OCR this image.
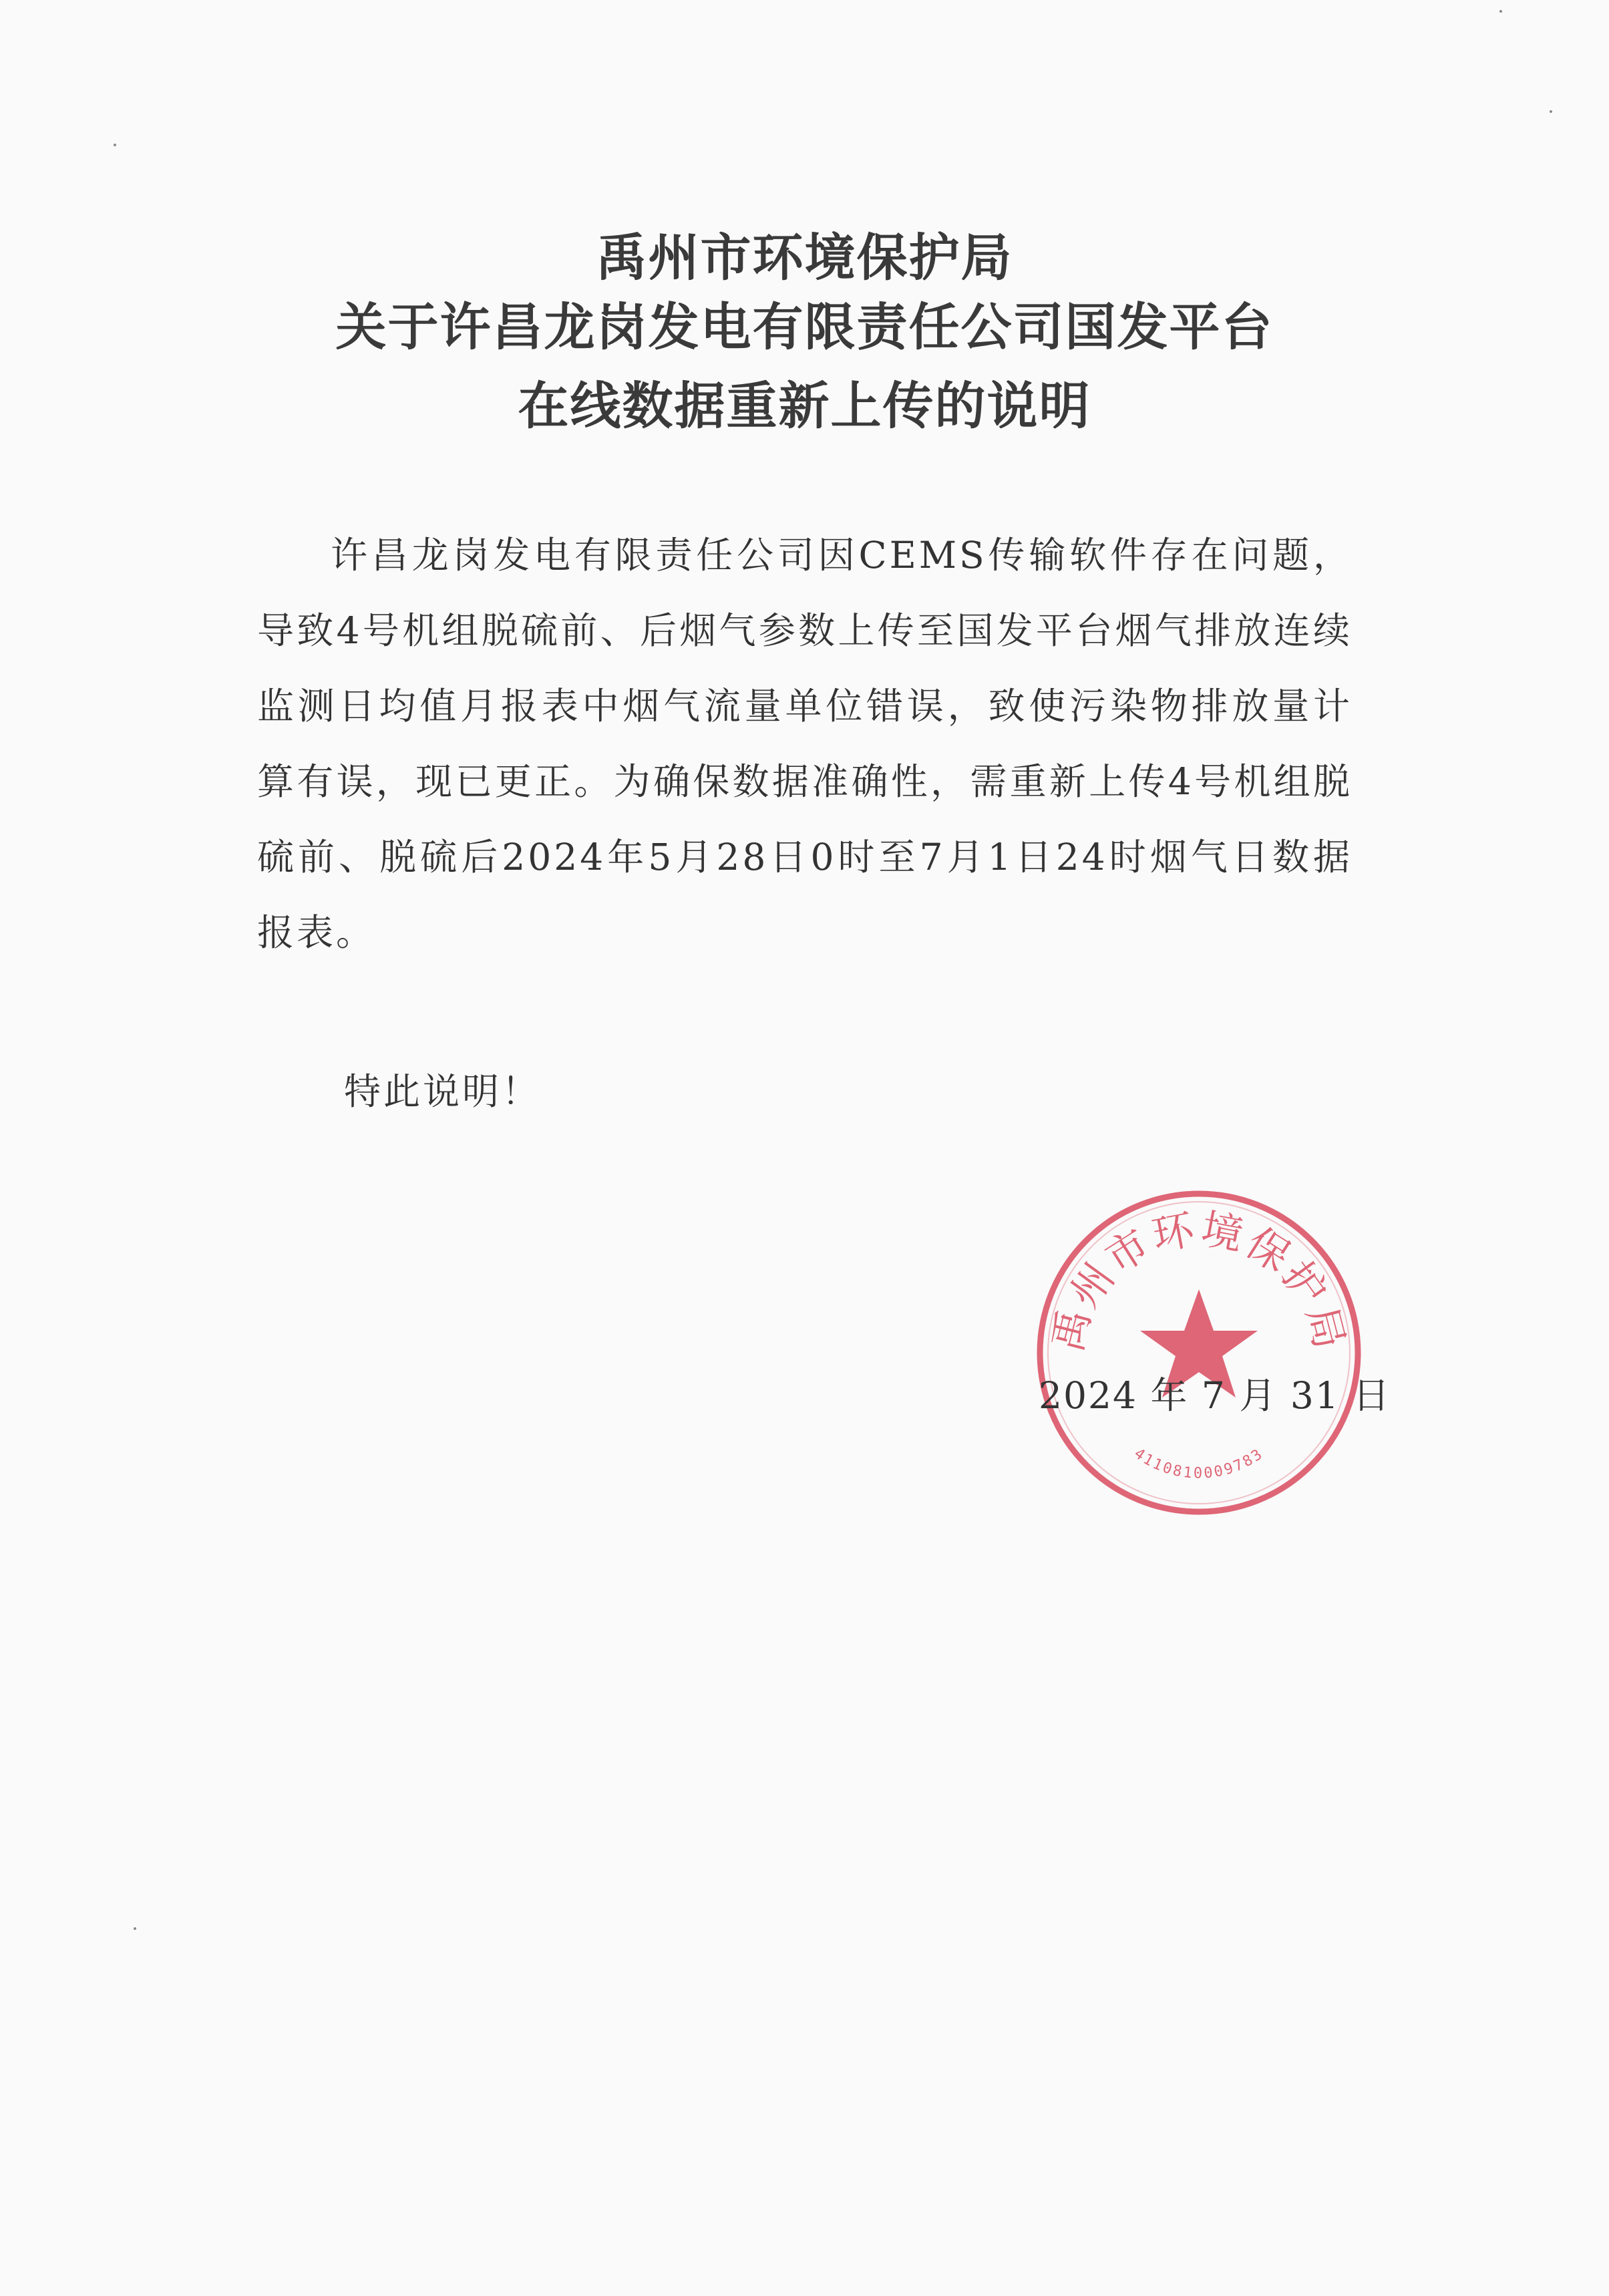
禹州市环境保护局
关于许昌龙岗发电有限责任公司国发平台
在线数据重新上传的说明

许昌龙岗发电有限责任公司因CEMS传输软件存在问题，导致4号机组脱硫前、后烟气参数上传至国发平台烟气排放连续监测日均值月报表中烟气流量单位错误，致使污染物排放量计算有误，现已更正。为确保数据准确性，需重新上传4号机组脱硫前、脱硫后2024年5月28日0时至7月1日24时烟气日数据报表。

特此说明！

禹州市环境保护局
4110810009783

2024 年 7 月 31 日
